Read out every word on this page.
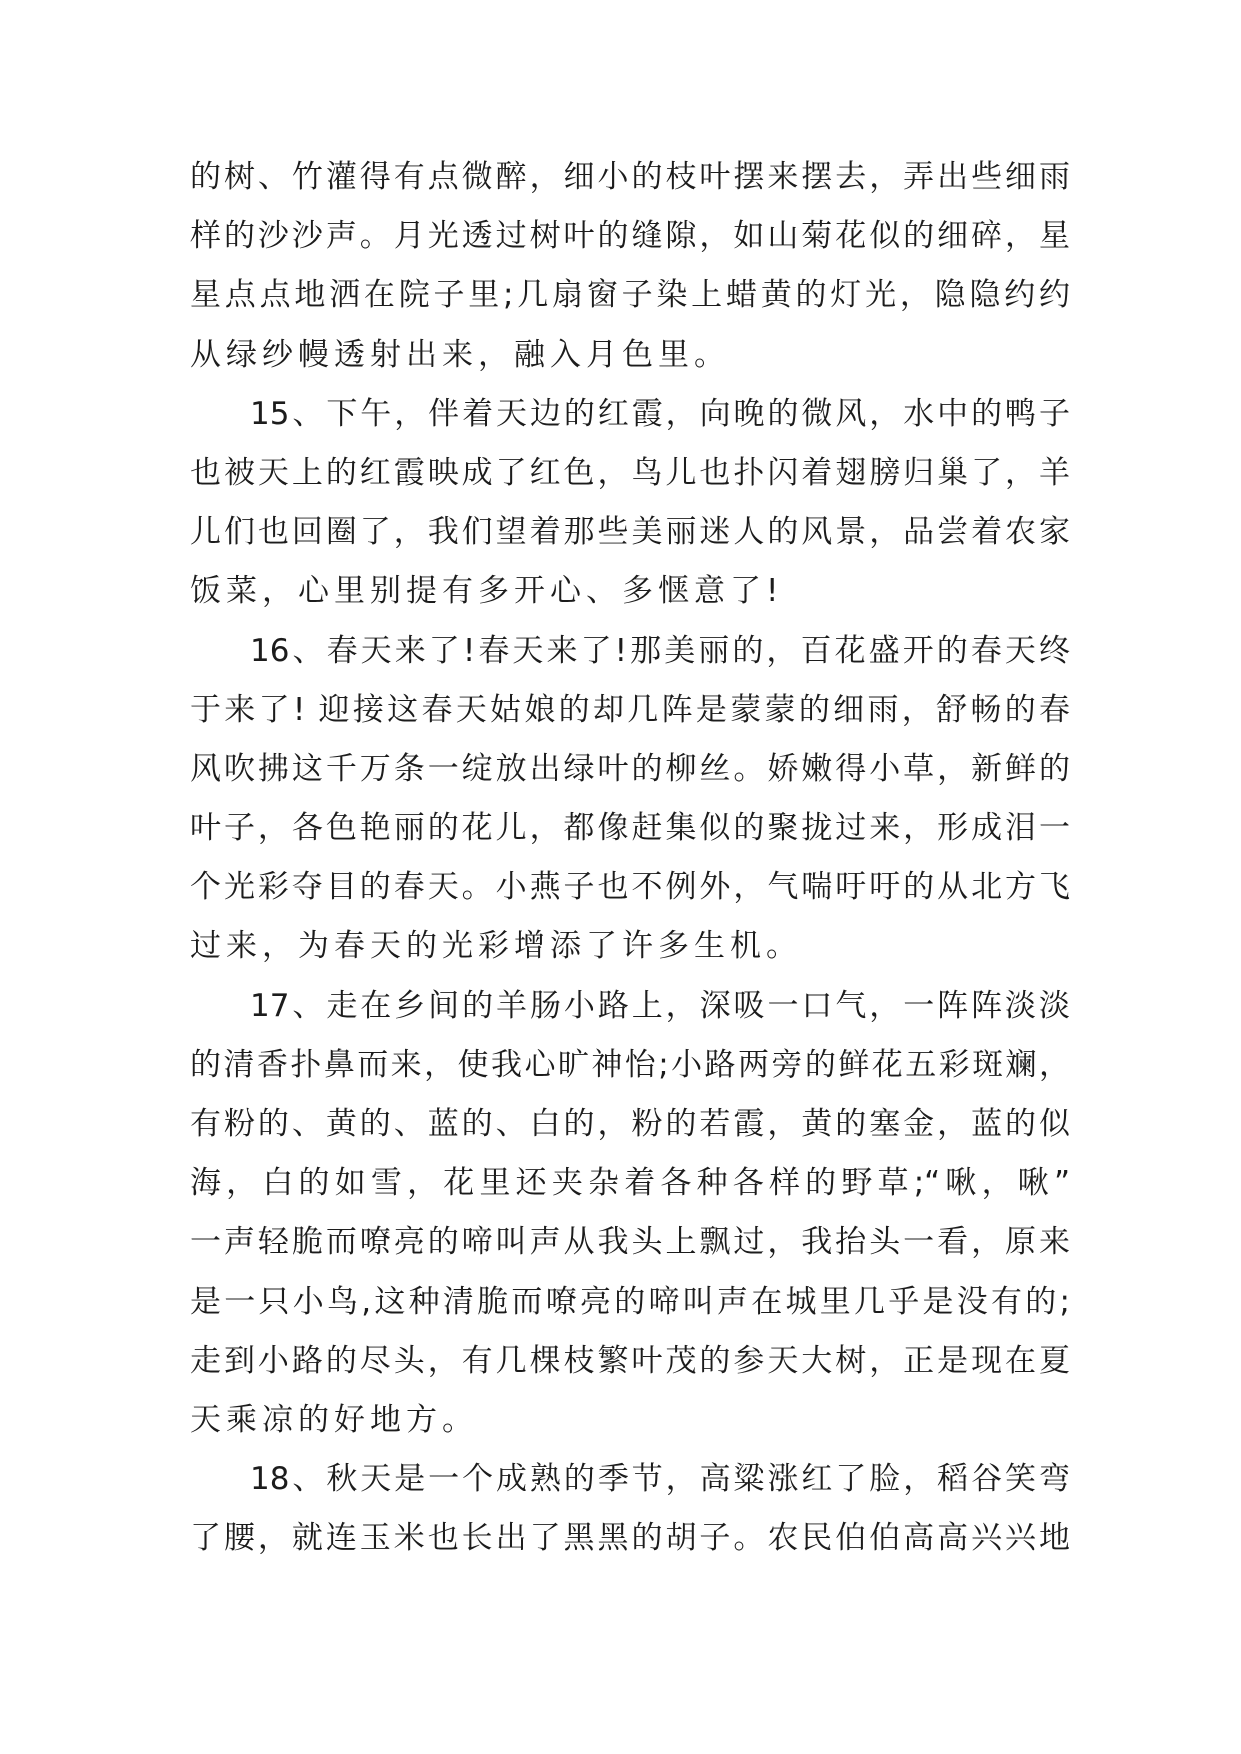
的树、竹灌得有点微醉，细小的枝叶摆来摆去，弄出些细雨
样的沙沙声。月光透过树叶的缝隙，如山菊花似的细碎，星
星点点地洒在院子里;几扇窗子染上蜡黄的灯光，隐隐约约
从绿纱幔透射出来，融入月色里。
15、下午，伴着天边的红霞，向晚的微风，水中的鸭子
也被天上的红霞映成了红色，鸟儿也扑闪着翅膀归巢了，羊
儿们也回圈了，我们望着那些美丽迷人的风景，品尝着农家
饭菜，心里别提有多开心、多惬意了!
16、春天来了!春天来了!那美丽的，百花盛开的春天终
于来了! 迎接这春天姑娘的却几阵是蒙蒙的细雨，舒畅的春
风吹拂这千万条一绽放出绿叶的柳丝。娇嫩得小草，新鲜的
叶子，各色艳丽的花儿，都像赶集似的聚拢过来，形成泪一
个光彩夺目的春天。小燕子也不例外，气喘吁吁的从北方飞
过来，为春天的光彩增添了许多生机。
17、走在乡间的羊肠小路上，深吸一口气，一阵阵淡淡
的清香扑鼻而来，使我心旷神怡;小路两旁的鲜花五彩斑斓，
有粉的、黄的、蓝的、白的，粉的若霞，黄的塞金，蓝的似
海，白的如雪，花里还夹杂着各种各样的野草;“啾，啾”
一声轻脆而嘹亮的啼叫声从我头上飘过，我抬头一看，原来
是一只小鸟,这种清脆而嘹亮的啼叫声在城里几乎是没有的;
走到小路的尽头，有几棵枝繁叶茂的参天大树，正是现在夏
天乘凉的好地方。
18、秋天是一个成熟的季节，高粱涨红了脸，稻谷笑弯
了腰，就连玉米也长出了黑黑的胡子。农民伯伯高高兴兴地
